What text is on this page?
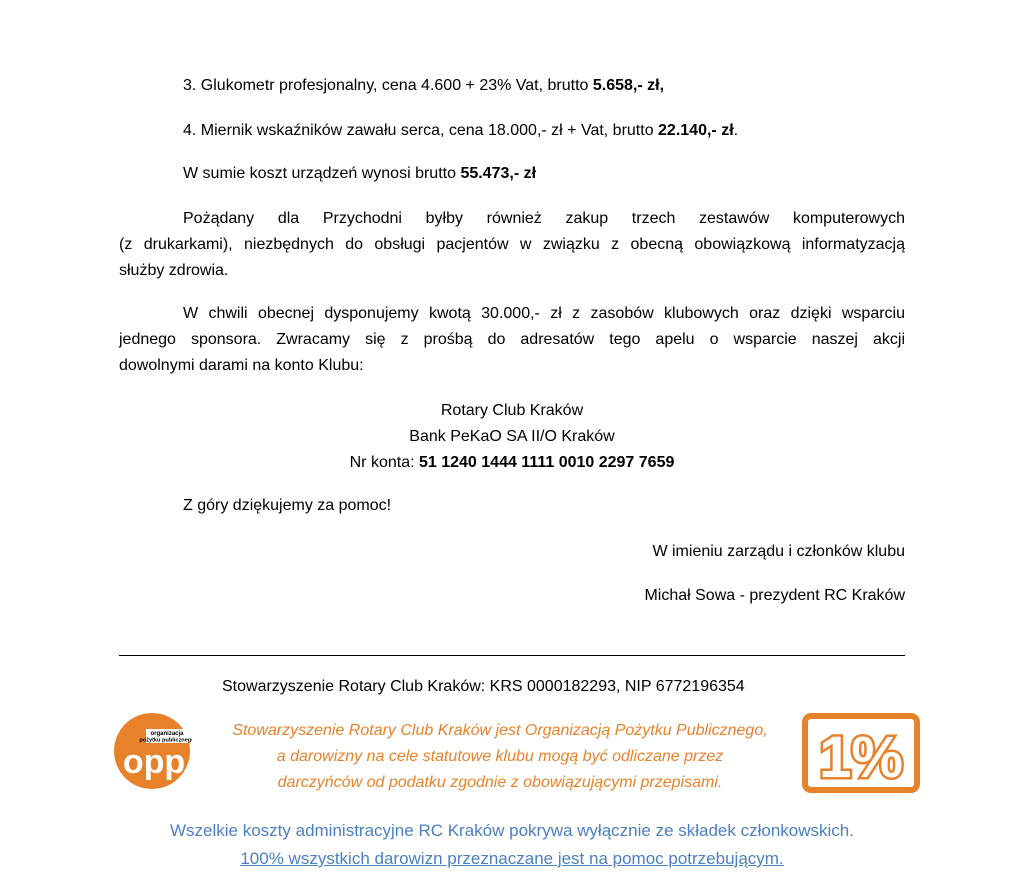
3. Glukometr profesjonalny, cena 4.600 + 23% Vat, brutto 5.658,- zł,
4. Miernik wskaźników zawału serca, cena 18.000,- zł + Vat, brutto 22.140,- zł.
W sumie koszt urządzeń wynosi brutto 55.473,- zł
Pożądany dla Przychodni byłby również zakup trzech zestawów komputerowych
(z drukarkami), niezbędnych do obsługi pacjentów w związku z obecną obowiązkową informatyzacją
służby zdrowia.
W chwili obecnej dysponujemy kwotą 30.000,- zł z zasobów klubowych oraz dzięki wsparciu
jednego sponsora. Zwracamy się z prośbą do adresatów tego apelu o wsparcie naszej akcji
dowolnymi darami na konto Klubu:
Rotary Club Kraków
Bank PeKaO SA II/O Kraków
Nr konta: 51 1240 1444 1111 0010 2297 7659
Z góry dziękujemy za pomoc!
W imieniu zarządu i członków klubu
Michał Sowa - prezydent RC Kraków
Stowarzyszenie Rotary Club Kraków: KRS 0000182293, NIP 6772196354
organizacja
pożytku publicznego
opp
Stowarzyszenie Rotary Club Kraków jest Organizacją Pożytku Publicznego,
a darowizny na cele statutowe klubu mogą być odliczane przez
darczyńców od podatku zgodnie z obowiązującymi przepisami.	1%
Wszelkie koszty administracyjne RC Kraków pokrywa wyłącznie ze składek członkowskich.
100% wszystkich darowizn przeznaczane jest na pomoc potrzebującym.
